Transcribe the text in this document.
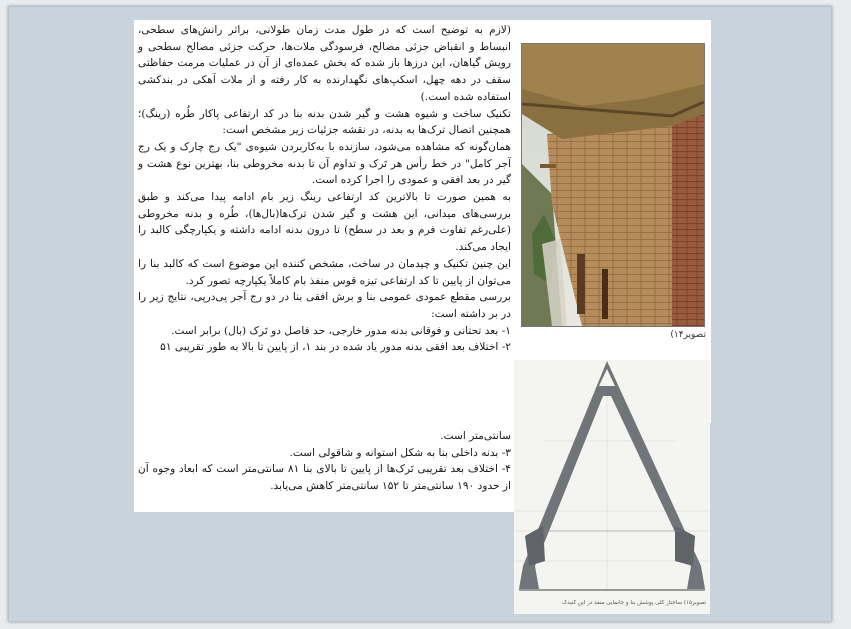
(لازم به توضیح است که در طول مدت زمان طولانی، براثر رانش‌های سطحی، انبساط و انقباض جزئی مصالح، فرسودگی ملات‌ها، حرکت جزئی مصالح سطحی و رویش گیاهان، این درزها باز شده که بخش عمده‌ای از آن در عملیات مرمت حفاظتی سقف در دهه چهل، اسکپ‌های نگهدارنده به کار رفته و از ملات آهکی در بندکشی استفاده شده است.)

تکنیک ساخت و شیوه هشت و گیر شدن بدنه بنا در کد ارتفاعی پاکار طُره (رینگ)؛ همچنین اتصال ترک‌ها به بدنه، در نقشه جزئیات زیر مشخص است:

همان‌گونه که مشاهده می‌شود، سازنده با به‌کاربردن شیوه‌ی "یک رج چارک و یک رج آجر کامل" در خط رأس هر تَرک و تداوم آن تا بدنه مخروطی بنا، بهترین نوع هشت و گیر در بعد افقی و عمودی را اجرا کرده است.

به همین صورت تا بالاترین کد ارتفاعی رینگ زیر بام ادامه پیدا می‌کند و طبق بررسی‌های میدانی، این هشت و گیر شدن ترک‌ها(بال‌ها)، طُره و بدنه مخروطی (علی‌رغم تفاوت فرم و بعد در سطح) تا درون بدنه ادامه داشته و یکپارچگی کالبد را ایجاد می‌کند.

این چنین تکنیک و چیدمان در ساخت، مشخص کننده این موضوع است که کالبد بنا را می‌توان از پایین تا کد ارتفاعی تیزه قوس منفذ بام کاملاً یکپارچه تصور کرد.

بررسی مقطع عمودی عمومی بنا و برش افقی بنا در دو رج آجر پی‌درپی، نتایج زیر را در بر داشته است:

۱- بعد تحتانی و فوقانی بدنه مدور خارجی، حد فاصل دو تَرک (بال) برابر است.

۲- اختلاف بعد افقی بدنه مدور یاد شده در بند ۱، از پایین تا بالا به طور تقریبی ۵۱

سانتی‌متر است.

۳- بدنه داخلی بنا به شکل استوانه و شاقولی است.

۴- اختلاف بعد تقریبی تَرک‌ها از پایین تا بالای بنا ۸۱ سانتی‌متر است که ابعاد وجوه آن از حدود ۱۹۰ سانتی‌متر تا ۱۵۲ سانتی‌متر کاهش می‌یابد.

تصویر۱۴)
تصویر۱۵) ساختار کلی پوشش بنا و جانمایی منفذ در این گنبدک
